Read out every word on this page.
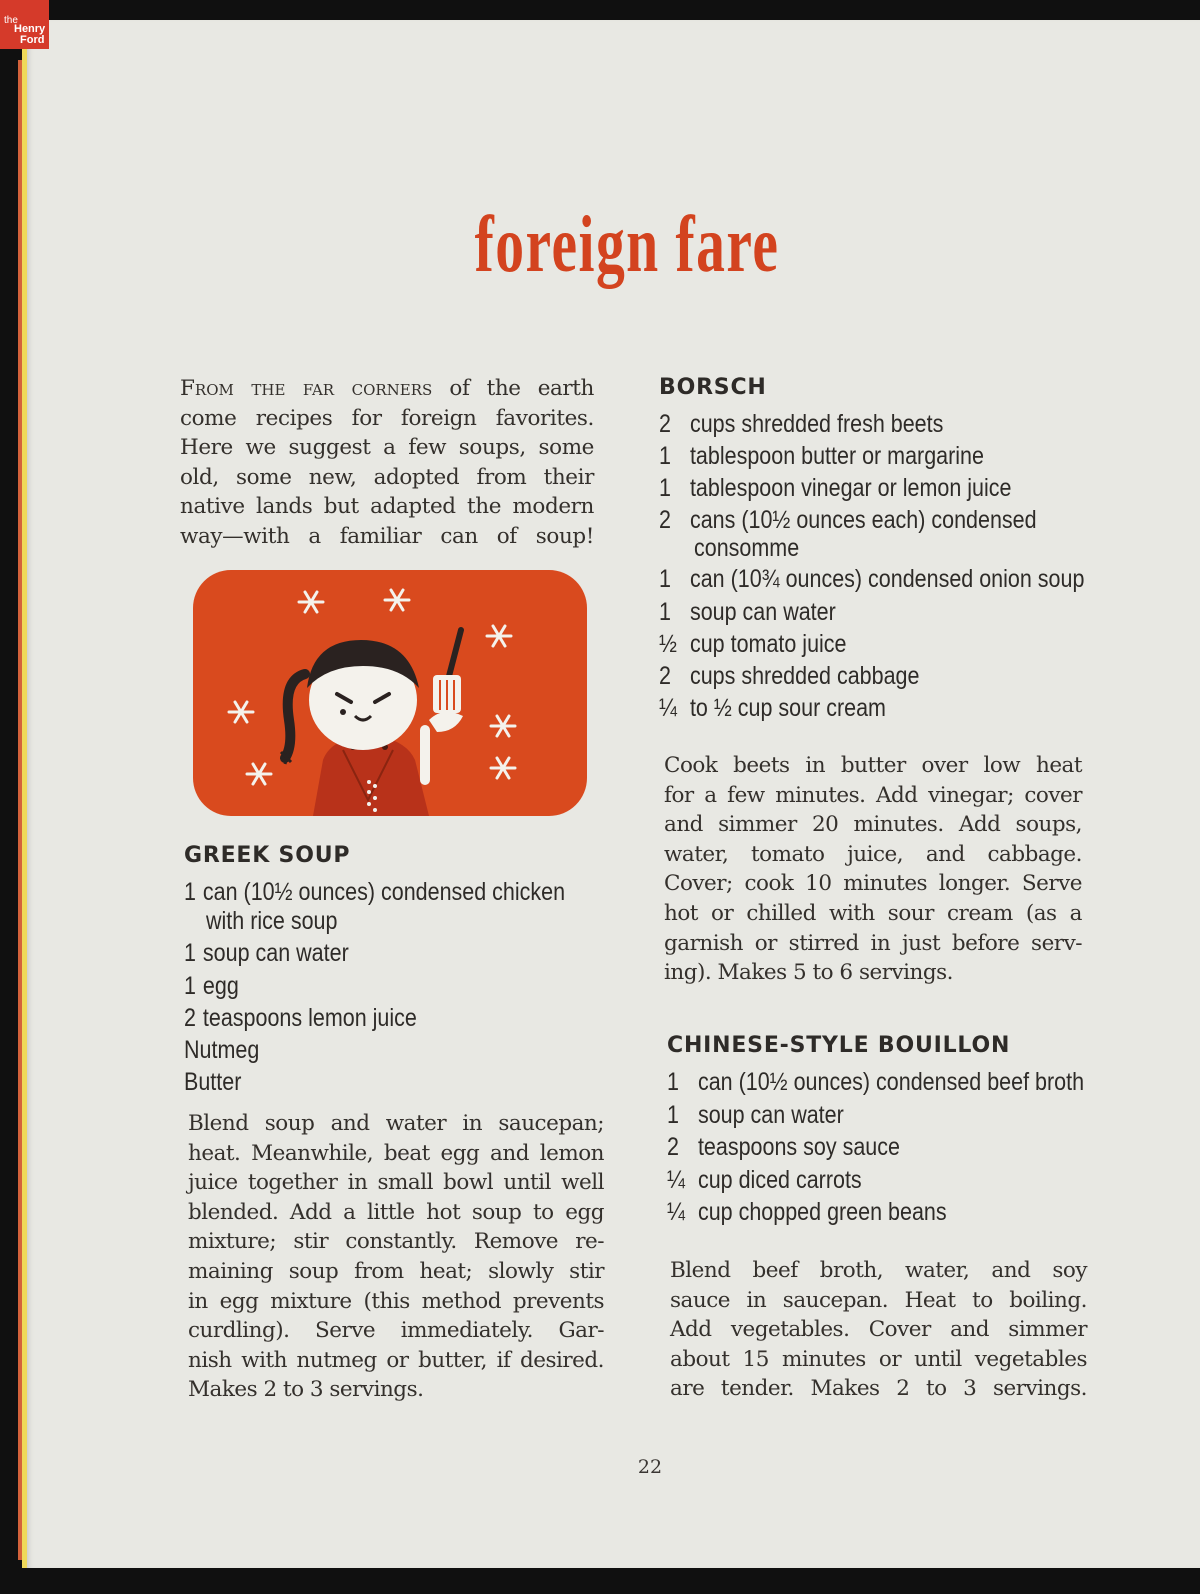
the
Henry
Ford
foreign fare

From the far corners of the earth

come recipes for foreign favorites.

Here we suggest a few soups, some

old, some new, adopted from their

native lands but adapted the modern

way—with a familiar can of soup!

GREEK SOUP
1 can (10½ ounces) condensed chicken
with rice soup
1 soup can water
1 egg
2 teaspoons lemon juice
Nutmeg
Butter
Blend soup and water in saucepan;
heat. Meanwhile, beat egg and lemon
juice together in small bowl until well
blended. Add a little hot soup to egg
mixture; stir constantly. Remove re-
maining soup from heat; slowly stir
in egg mixture (this method prevents
curdling). Serve immediately. Gar-
nish with nutmeg or butter, if desired.
Makes 2 to 3 servings.
BORSCH
2 cups shredded fresh beets
1 tablespoon butter or margarine
1 tablespoon vinegar or lemon juice
2 cans (10½ ounces each) condensed
consomme
1 can (10¾ ounces) condensed onion soup
1 soup can water
½ cup tomato juice
2 cups shredded cabbage
¼ to ½ cup sour cream
Cook beets in butter over low heat
for a few minutes. Add vinegar; cover
and simmer 20 minutes. Add soups,
water, tomato juice, and cabbage.
Cover; cook 10 minutes longer. Serve
hot or chilled with sour cream (as a
garnish or stirred in just before serv-
ing). Makes 5 to 6 servings.
CHINESE-STYLE BOUILLON
1 can (10½ ounces) condensed beef broth
1 soup can water
2 teaspoons soy sauce
¼ cup diced carrots
¼ cup chopped green beans
Blend beef broth, water, and soy
sauce in saucepan. Heat to boiling.
Add vegetables. Cover and simmer
about 15 minutes or until vegetables
are tender. Makes 2 to 3 servings.
22
